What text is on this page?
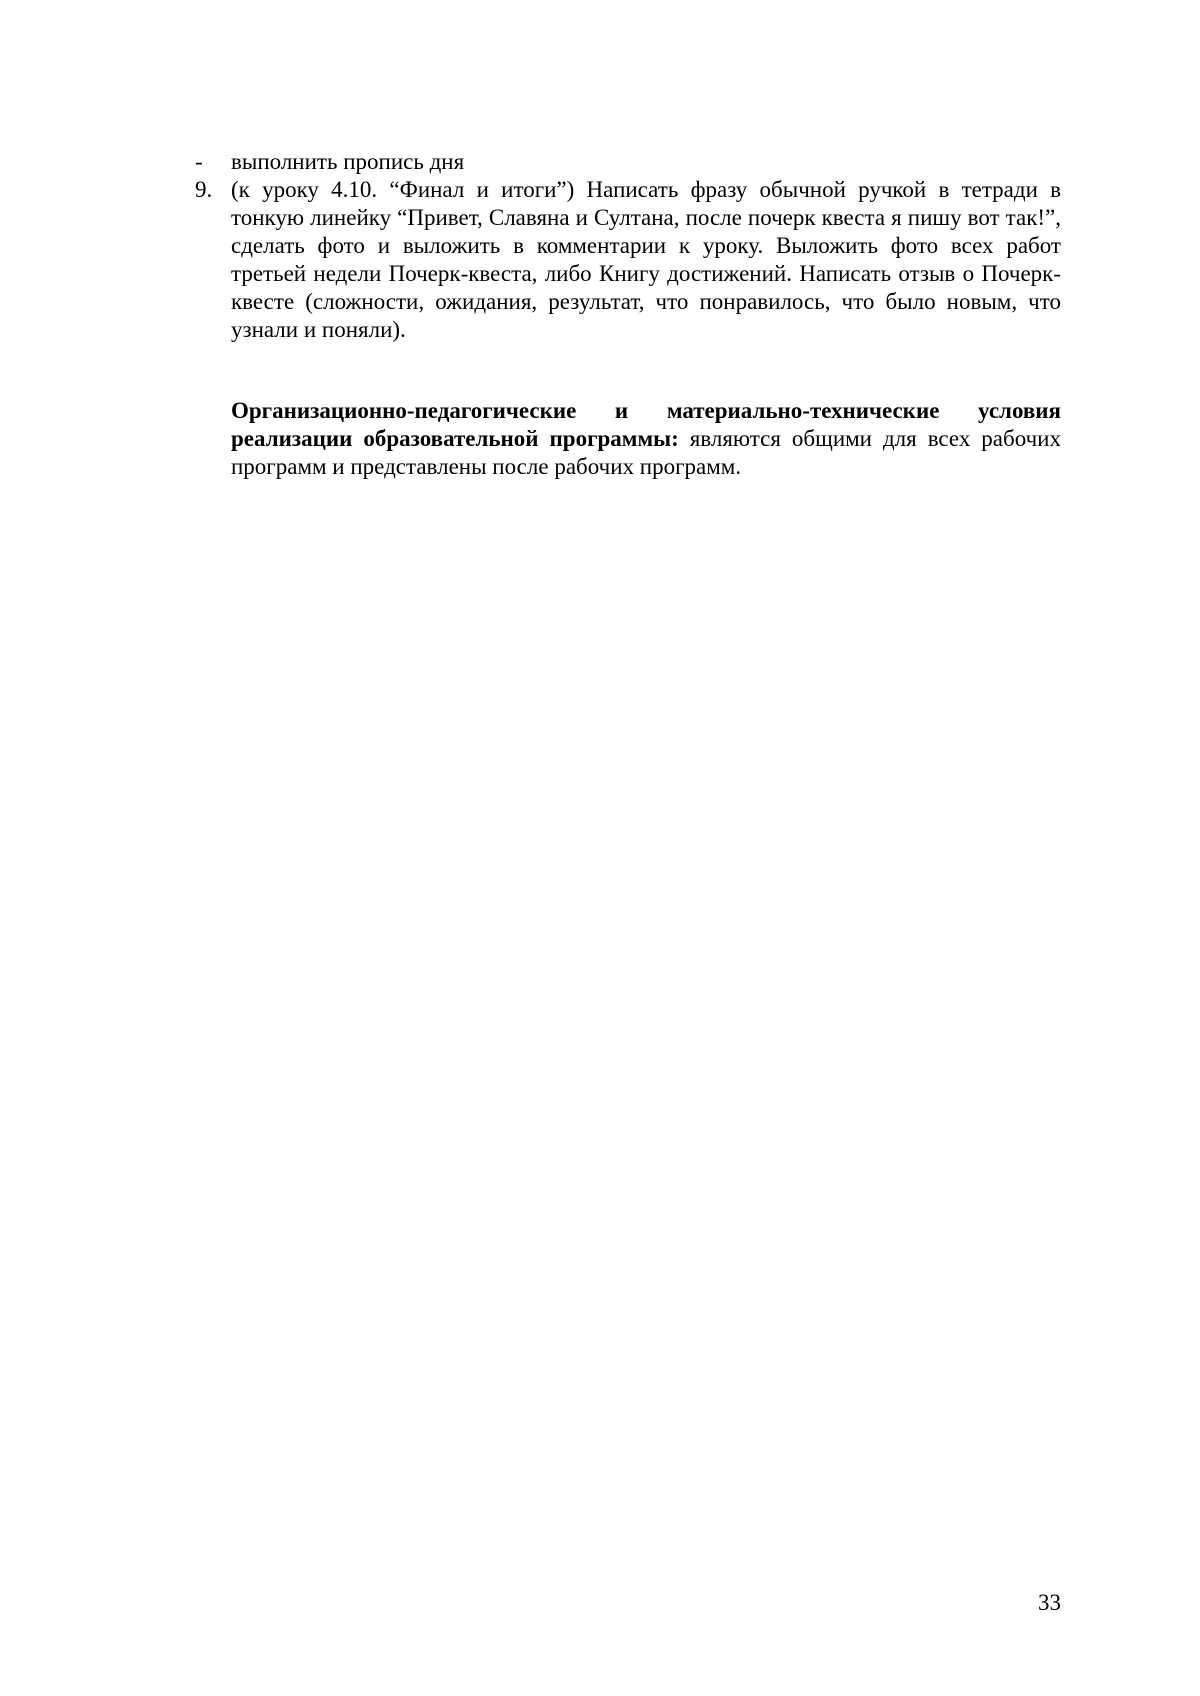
-	выполнить пропись дня
9. (к уроку 4.10. “Финал и итоги”) Написать фразу обычной ручкой в тетради в тонкую линейку “Привет, Славяна и Султана, после почерк квеста я пишу вот так!”, сделать фото и выложить в комментарии к уроку. Выложить фото всех работ третьей недели Почерк-квеста, либо Книгу достижений. Написать отзыв о Почерк-квесте (сложности, ожидания, результат, что понравилось, что было новым, что узнали и поняли).

Организационно-педагогические и материально-технические условия реализации образовательной программы: являются общими для всех рабочих программ и представлены после рабочих программ.

33
